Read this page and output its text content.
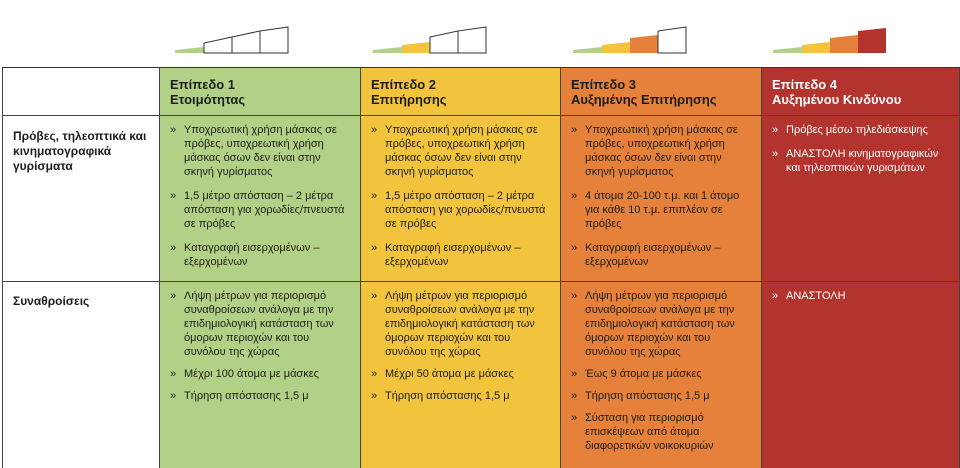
Επίπεδο 1
Ετοιμότητας
Επίπεδο 2
Επιτήρησης
Επίπεδο 3
Αυξημένης Επιτήρησης
Επίπεδο 4
Αυξημένου Κινδύνου
Πρόβες, τηλεοπτικά και κινηματογραφικά γυρίσματα
» Υποχρεωτική χρήση μάσκας σε πρόβες, υποχρεωτική χρήση μάσκας όσων δεν είναι στην σκηνή γυρίσματος
» 1,5 μέτρο απόσταση – 2 μέτρα απόσταση για χορωδίες/πνευστά σε πρόβες
» Καταγραφή εισερχομένων – εξερχομένων
» Υποχρεωτική χρήση μάσκας σε πρόβες, υποχρεωτική χρήση μάσκας όσων δεν είναι στην σκηνή γυρίσματος
» 1,5 μέτρο απόσταση – 2 μέτρα απόσταση για χορωδίες/πνευστά σε πρόβες
» Καταγραφή εισερχομένων – εξερχομένων
» Υποχρεωτική χρήση μάσκας σε πρόβες, υποχρεωτική χρήση μάσκας όσων δεν είναι στην σκηνή γυρίσματος
» 4 άτομα 20-100 τ.μ. και 1 άτομο για κάθε 10 τ.μ. επιπλέον σε πρόβες
» Καταγραφή εισερχομένων – εξερχομένων
» Πρόβες μέσω τηλεδιάσκεψης
» ΑΝΑΣΤΟΛΗ κινηματογραφικών και τηλεοπτικών γυρισμάτων
Συναθροίσεις
»	Λήψη μέτρων για περιορισμό συναθροίσεων ανάλογα με την επιδημιολογική κατάσταση των όμορων περιοχών και του συνόλου της χώρας
» Μέχρι 100 άτομα με μάσκες
» Τήρηση απόστασης 1,5 μ
» Λήψη μέτρων για περιορισμό συναθροίσεων ανάλογα με την επιδημιολογική κατάσταση των όμορων περιοχών και του συνόλου της χώρας
» Μέχρι 50 άτομα με μάσκες
» Τήρηση απόστασης 1,5 μ
» Λήψη μέτρων για περιορισμό συναθροίσεων ανάλογα με την επιδημιολογική κατάσταση των όμορων περιοχών και του συνόλου της χώρας
» Έως 9 άτομα με μάσκες
» Τήρηση απόστασης 1,5 μ
» Σύσταση για περιορισμό επισκέψεων από άτομα διαφορετικών νοικοκυριών
» ΑΝΑΣΤΟΛΗ
